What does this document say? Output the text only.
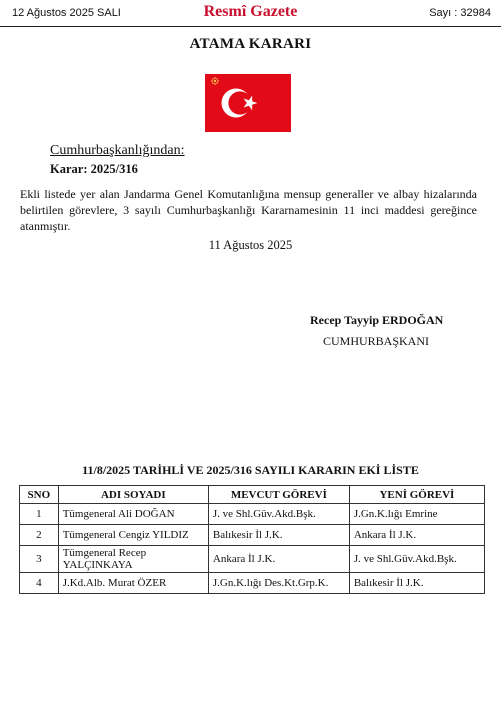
12 Ağustos 2025 SALI	Resmî Gazete	Sayı : 32984
ATAMA KARARI
Cumhurbaşkanlığından:
Karar: 2025/316
Ekli listede yer alan Jandarma Genel Komutanlığına mensup generaller ve albay hizalarında belirtilen görevlere, 3 sayılı Cumhurbaşkanlığı Kararnamesinin 11 inci maddesi gereğince atanmıştır.
11 Ağustos 2025
Recep Tayyip ERDOĞAN
CUMHURBAŞKANI
11/8/2025 TARİHLİ VE 2025/316 SAYILI KARARIN EKİ LİSTE
SNO	ADI SOYADI	MEVCUT GÖREVİ	YENİ GÖREVİ
1	Tümgeneral Ali DOĞAN	J. ve Shl.Güv.Akd.Bşk.	J.Gn.K.lığı Emrine
2	Tümgeneral Cengiz YILDIZ	Balıkesir İl J.K.	Ankara İl J.K.
3	Tümgeneral Recep YALÇINKAYA	Ankara İl J.K.	J. ve Shl.Güv.Akd.Bşk.
4	J.Kd.Alb. Murat ÖZER	J.Gn.K.lığı Des.Kt.Grp.K.	Balıkesir İl J.K.
